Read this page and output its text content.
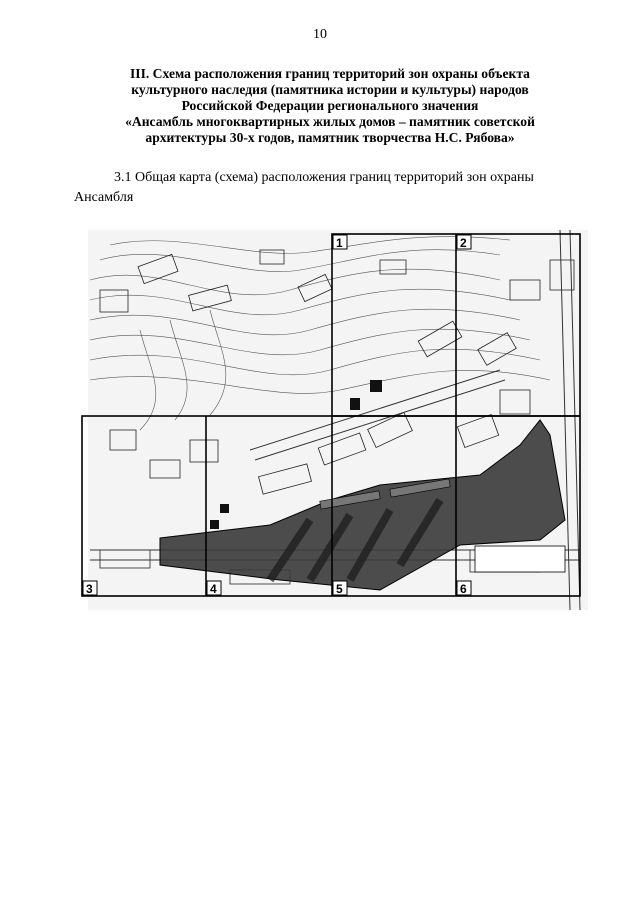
10
III. Схема расположения границ территорий зон охраны объекта
культурного наследия (памятника истории и культуры) народов
Российской Федерации регионального значения
«Ансамбль многоквартирных жилых домов – памятник советской
архитектуры 30-х годов, памятник творчества Н.С. Рябова»
3.1 Общая карта (схема) расположения границ территорий зон охраны
Ансамбля
1	2
3	4	5	6
